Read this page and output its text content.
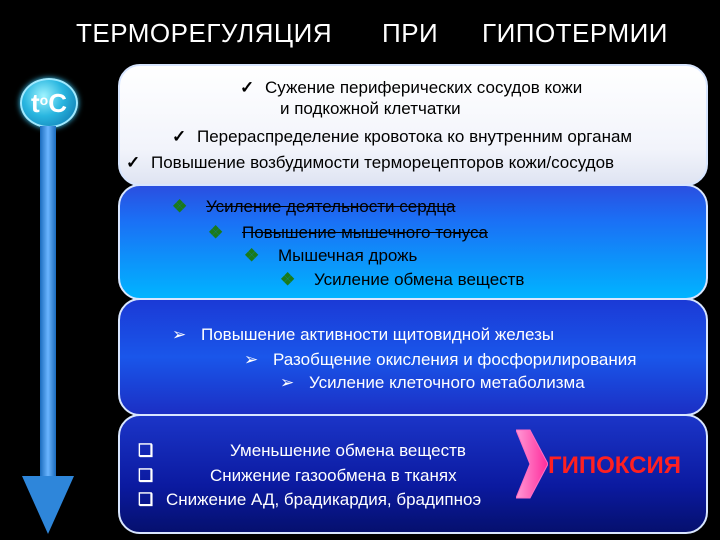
ТЕРМОРЕГУЛЯЦИЯ ПРИ ГИПОТЕРМИИ
$t^o$ C	✓ Сужение периферических сосудов кожи
и подкожной клетчатки
✓ Перераспределение кровотока ко внутренним органам
✓ Повышение возбудимости терморецепторов кожи/сосудов
❖ Усиление деятельности сердца
❖ Повышение мышечного тонуса
❖ Мышечная дрожь
❖ Усиление обмена веществ
➢ Повышение активности щитовидной железы
➢ Разобщение окисления и фосфорилирования
➢ Усиление клеточного метаболизма
❑	Уменьшение обмена веществ
❑	Снижение газообмена в тканях
❑ Снижение АД, брадикардия, брадипноэ
ГИПОКСИЯ
